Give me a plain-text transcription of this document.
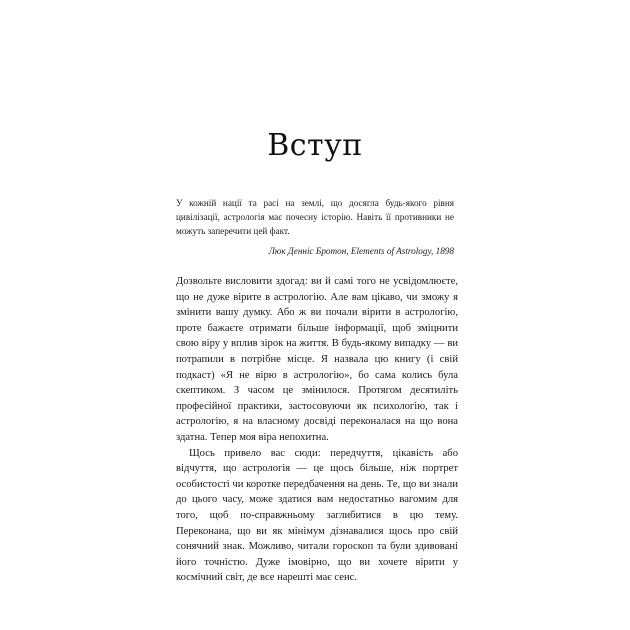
Вступ
У кожній нації та расі на землі, що досягла будь-якого рівня цивілізації, астрологія має почесну історію. Навіть її противники не можуть заперечити цей факт.
Люк Денніс Бротон, Elements of Astrology, 1898

Дозвольте висловити здогад: ви й самі того не усвідомлюєте, що не дуже вірите в астрологію. Але вам цікаво, чи зможу я змінити вашу думку. Або ж ви почали вірити в астрологію, проте бажаєте отримати більше інформації, щоб зміцнити свою віру у вплив зірок на життя. В будь-якому випадку — ви потрапили в потрібне місце. Я назвала цю книгу (і свій подкаст) «Я не вірю в астрологію», бо сама колись була скептиком. З часом це змінилося. Протягом десятиліть професійної практики, застосовуючи як психологію, так і астрологію, я на власному досвіді переконалася на що вона здатна. Тепер моя віра непохитна.

Щось привело вас сюди: передчуття, цікавість або відчуття, що астрологія — це щось більше, ніж портрет особистості чи коротке передбачення на день. Те, що ви знали до цього часу, може здатися вам недостатньо вагомим для того, щоб по-справжньому заглибитися в цю тему. Переконана, що ви як мінімум дізнавалися щось про свій сонячний знак. Можливо, читали гороскоп та були здивовані його точністю. Дуже імовірно, що ви хочете вірити у космічний світ, де все нарешті має сенс.
